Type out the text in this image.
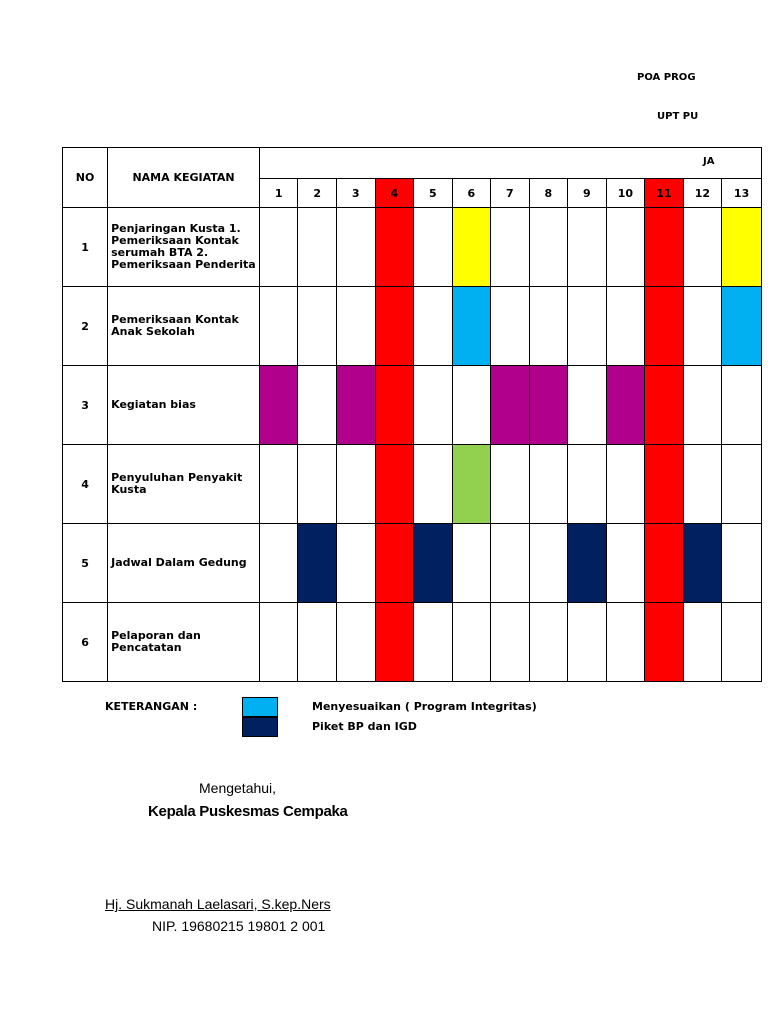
POA PROG
UPT PU
NO	NAMA KEGIATAN	JA												

		1	2	3	4	5	6	7	8	9	10	11	12	13
1	Penjaringan Kusta 1. Pemeriksaan Kontak serumah BTA 2. Pemeriksaan Penderita													
2	Pemeriksaan Kontak Anak Sekolah													
3	Kegiatan bias													
4	Penyuluhan Penyakit Kusta													
5	Jadwal Dalam Gedung													
6	Pelaporan dan Pencatatan													
KETERANGAN :	Menyesuaikan ( Program Integritas)
Piket BP dan IGD
Mengetahui,
Kepala Puskesmas Cempaka
Hj. Sukmanah Laelasari, S.kep.Ners
NIP. 19680215 19801 2 001
